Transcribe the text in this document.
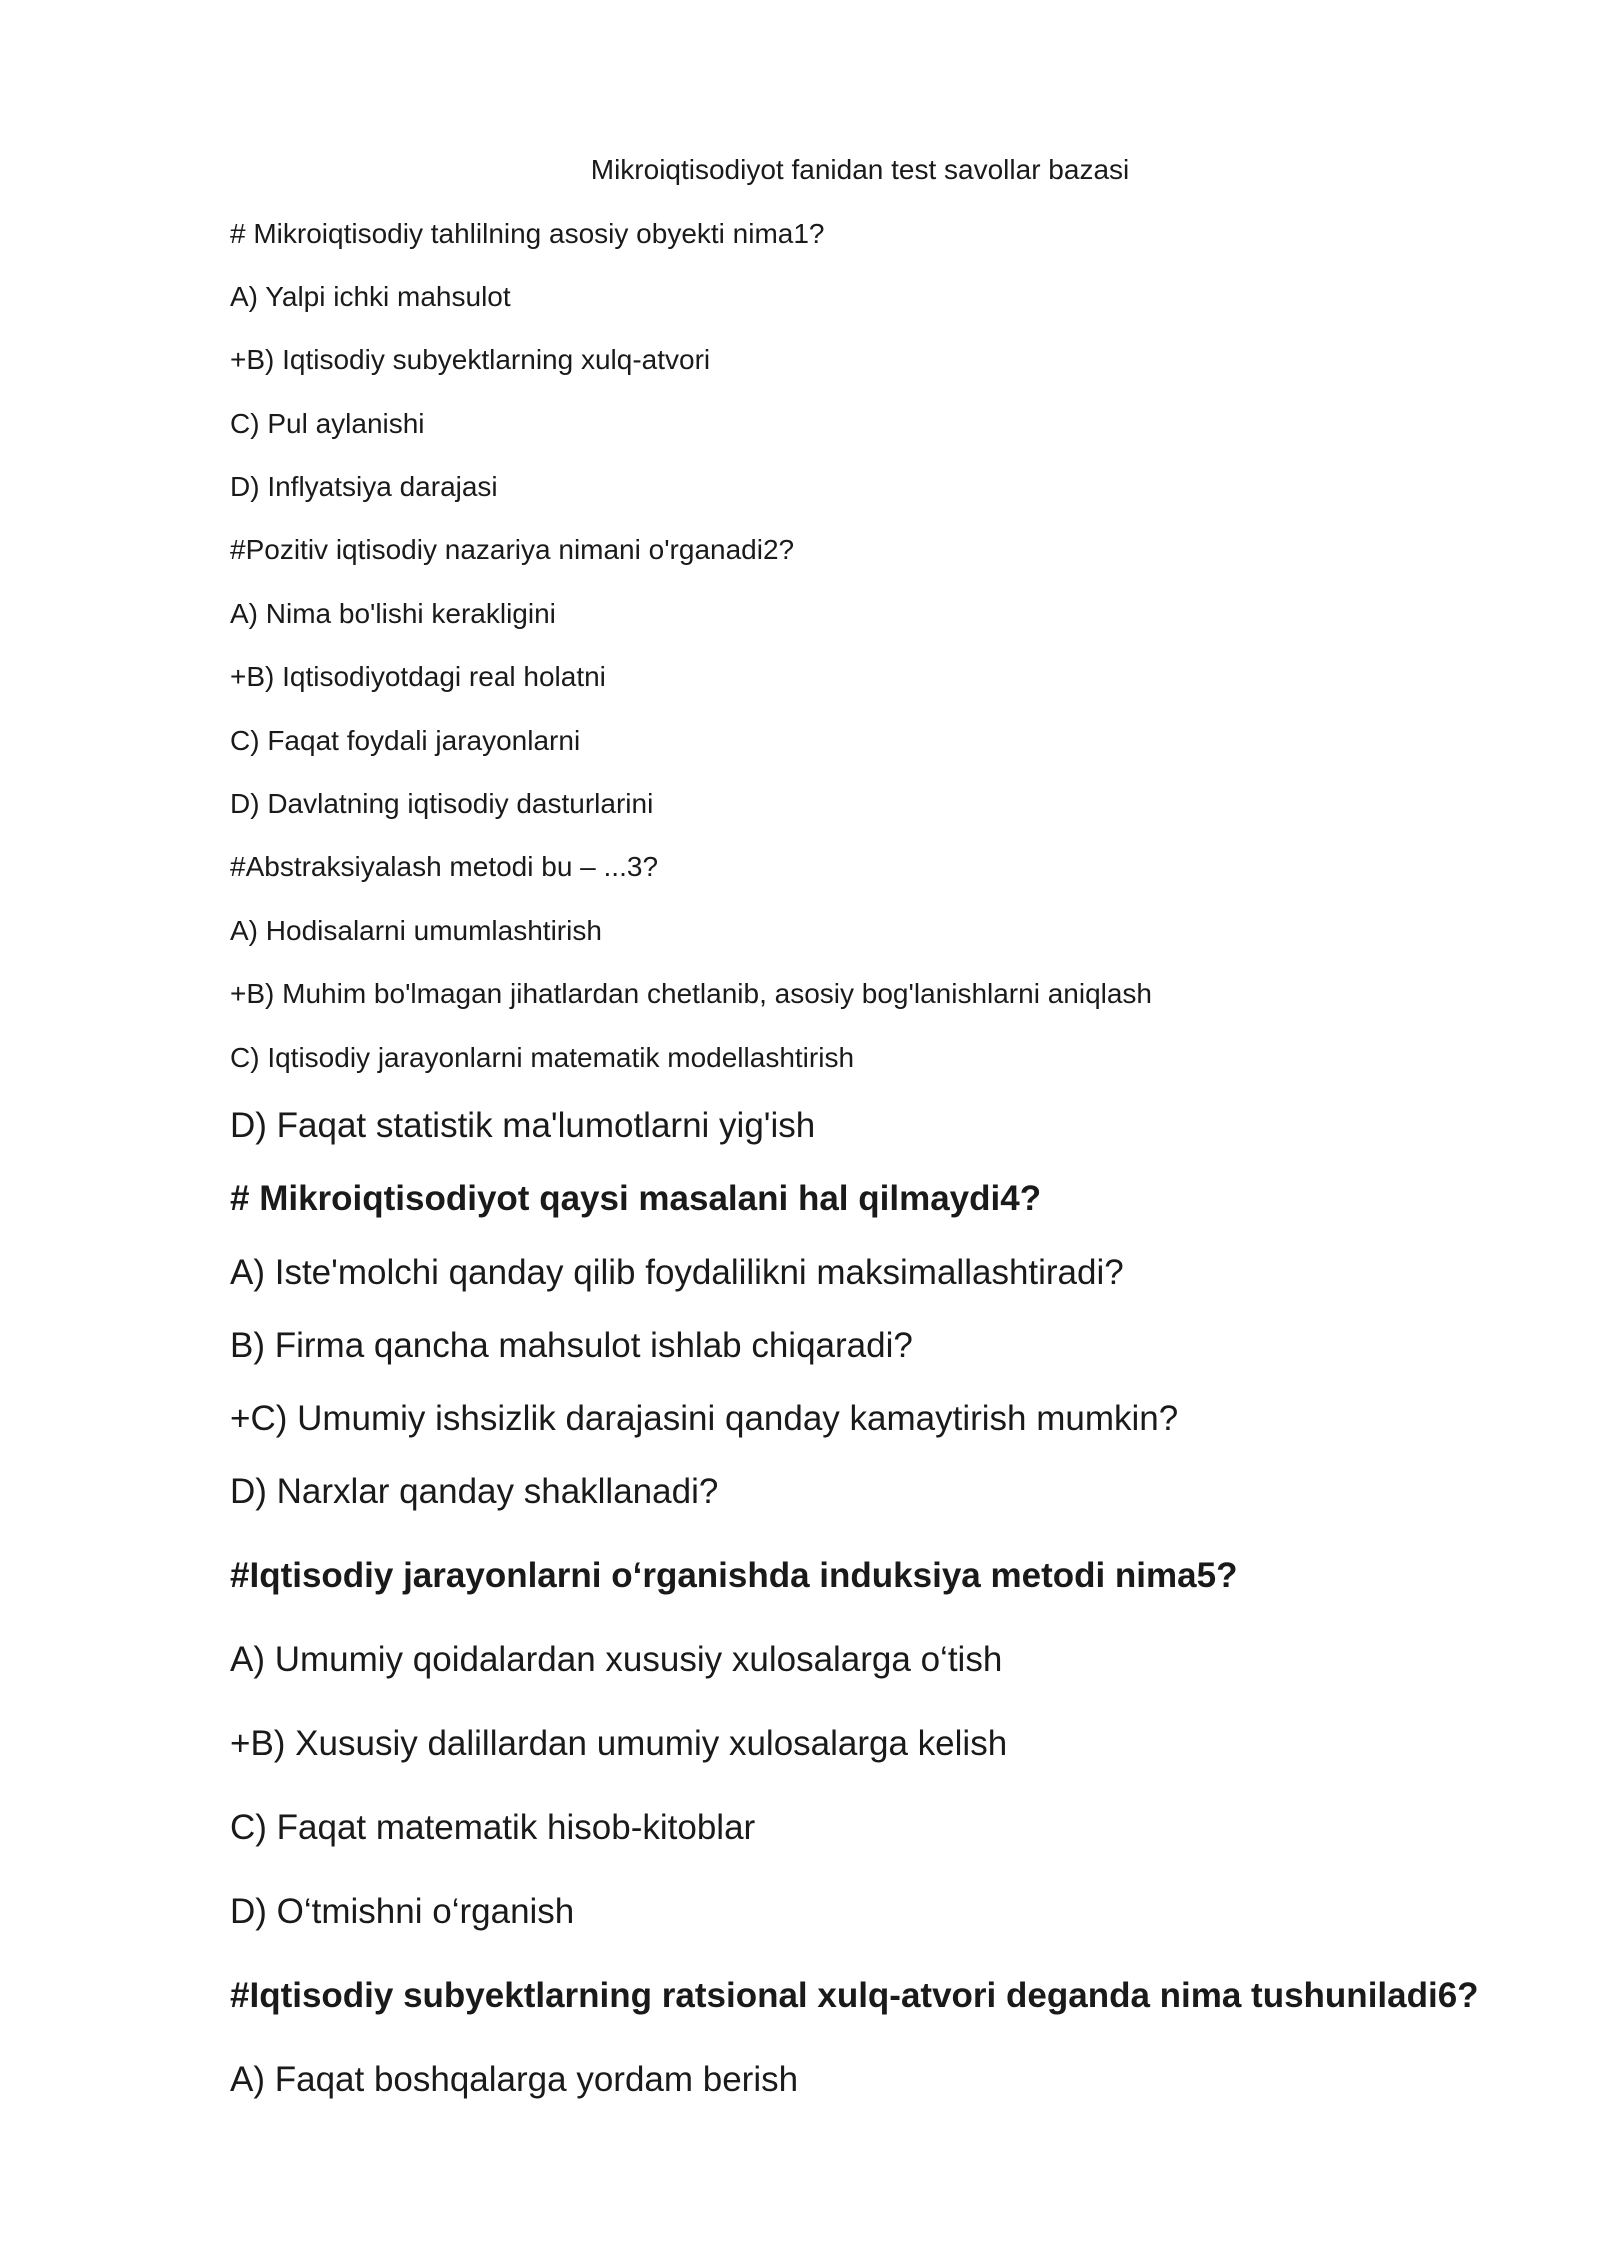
Mikroiqtisodiyot fanidan test savollar bazasi
# Mikroiqtisodiy tahlilning asosiy obyekti nima1?
A) Yalpi ichki mahsulot
+B) Iqtisodiy subyektlarning xulq-atvori
C) Pul aylanishi
D) Inflyatsiya darajasi
#Pozitiv iqtisodiy nazariya nimani o'rganadi2?
A) Nima bo'lishi kerakligini
+B) Iqtisodiyotdagi real holatni
C) Faqat foydali jarayonlarni
D) Davlatning iqtisodiy dasturlarini
#Abstraksiyalash metodi bu – ...3?
A) Hodisalarni umumlashtirish
+B) Muhim bo'lmagan jihatlardan chetlanib, asosiy bog'lanishlarni aniqlash
C) Iqtisodiy jarayonlarni matematik modellashtirish
D) Faqat statistik ma'lumotlarni yig'ish
# Mikroiqtisodiyot qaysi masalani hal qilmaydi4?
A) Iste'molchi qanday qilib foydalilikni maksimallashtiradi?
B) Firma qancha mahsulot ishlab chiqaradi?
+C) Umumiy ishsizlik darajasini qanday kamaytirish mumkin?
D) Narxlar qanday shakllanadi?
#Iqtisodiy jarayonlarni o‘rganishda induksiya metodi nima5?
A) Umumiy qoidalardan xususiy xulosalarga o‘tish
+B) Xususiy dalillardan umumiy xulosalarga kelish
C) Faqat matematik hisob-kitoblar
D) O‘tmishni o‘rganish
#Iqtisodiy subyektlarning ratsional xulq-atvori deganda nima tushuniladi6?
A) Faqat boshqalarga yordam berish
